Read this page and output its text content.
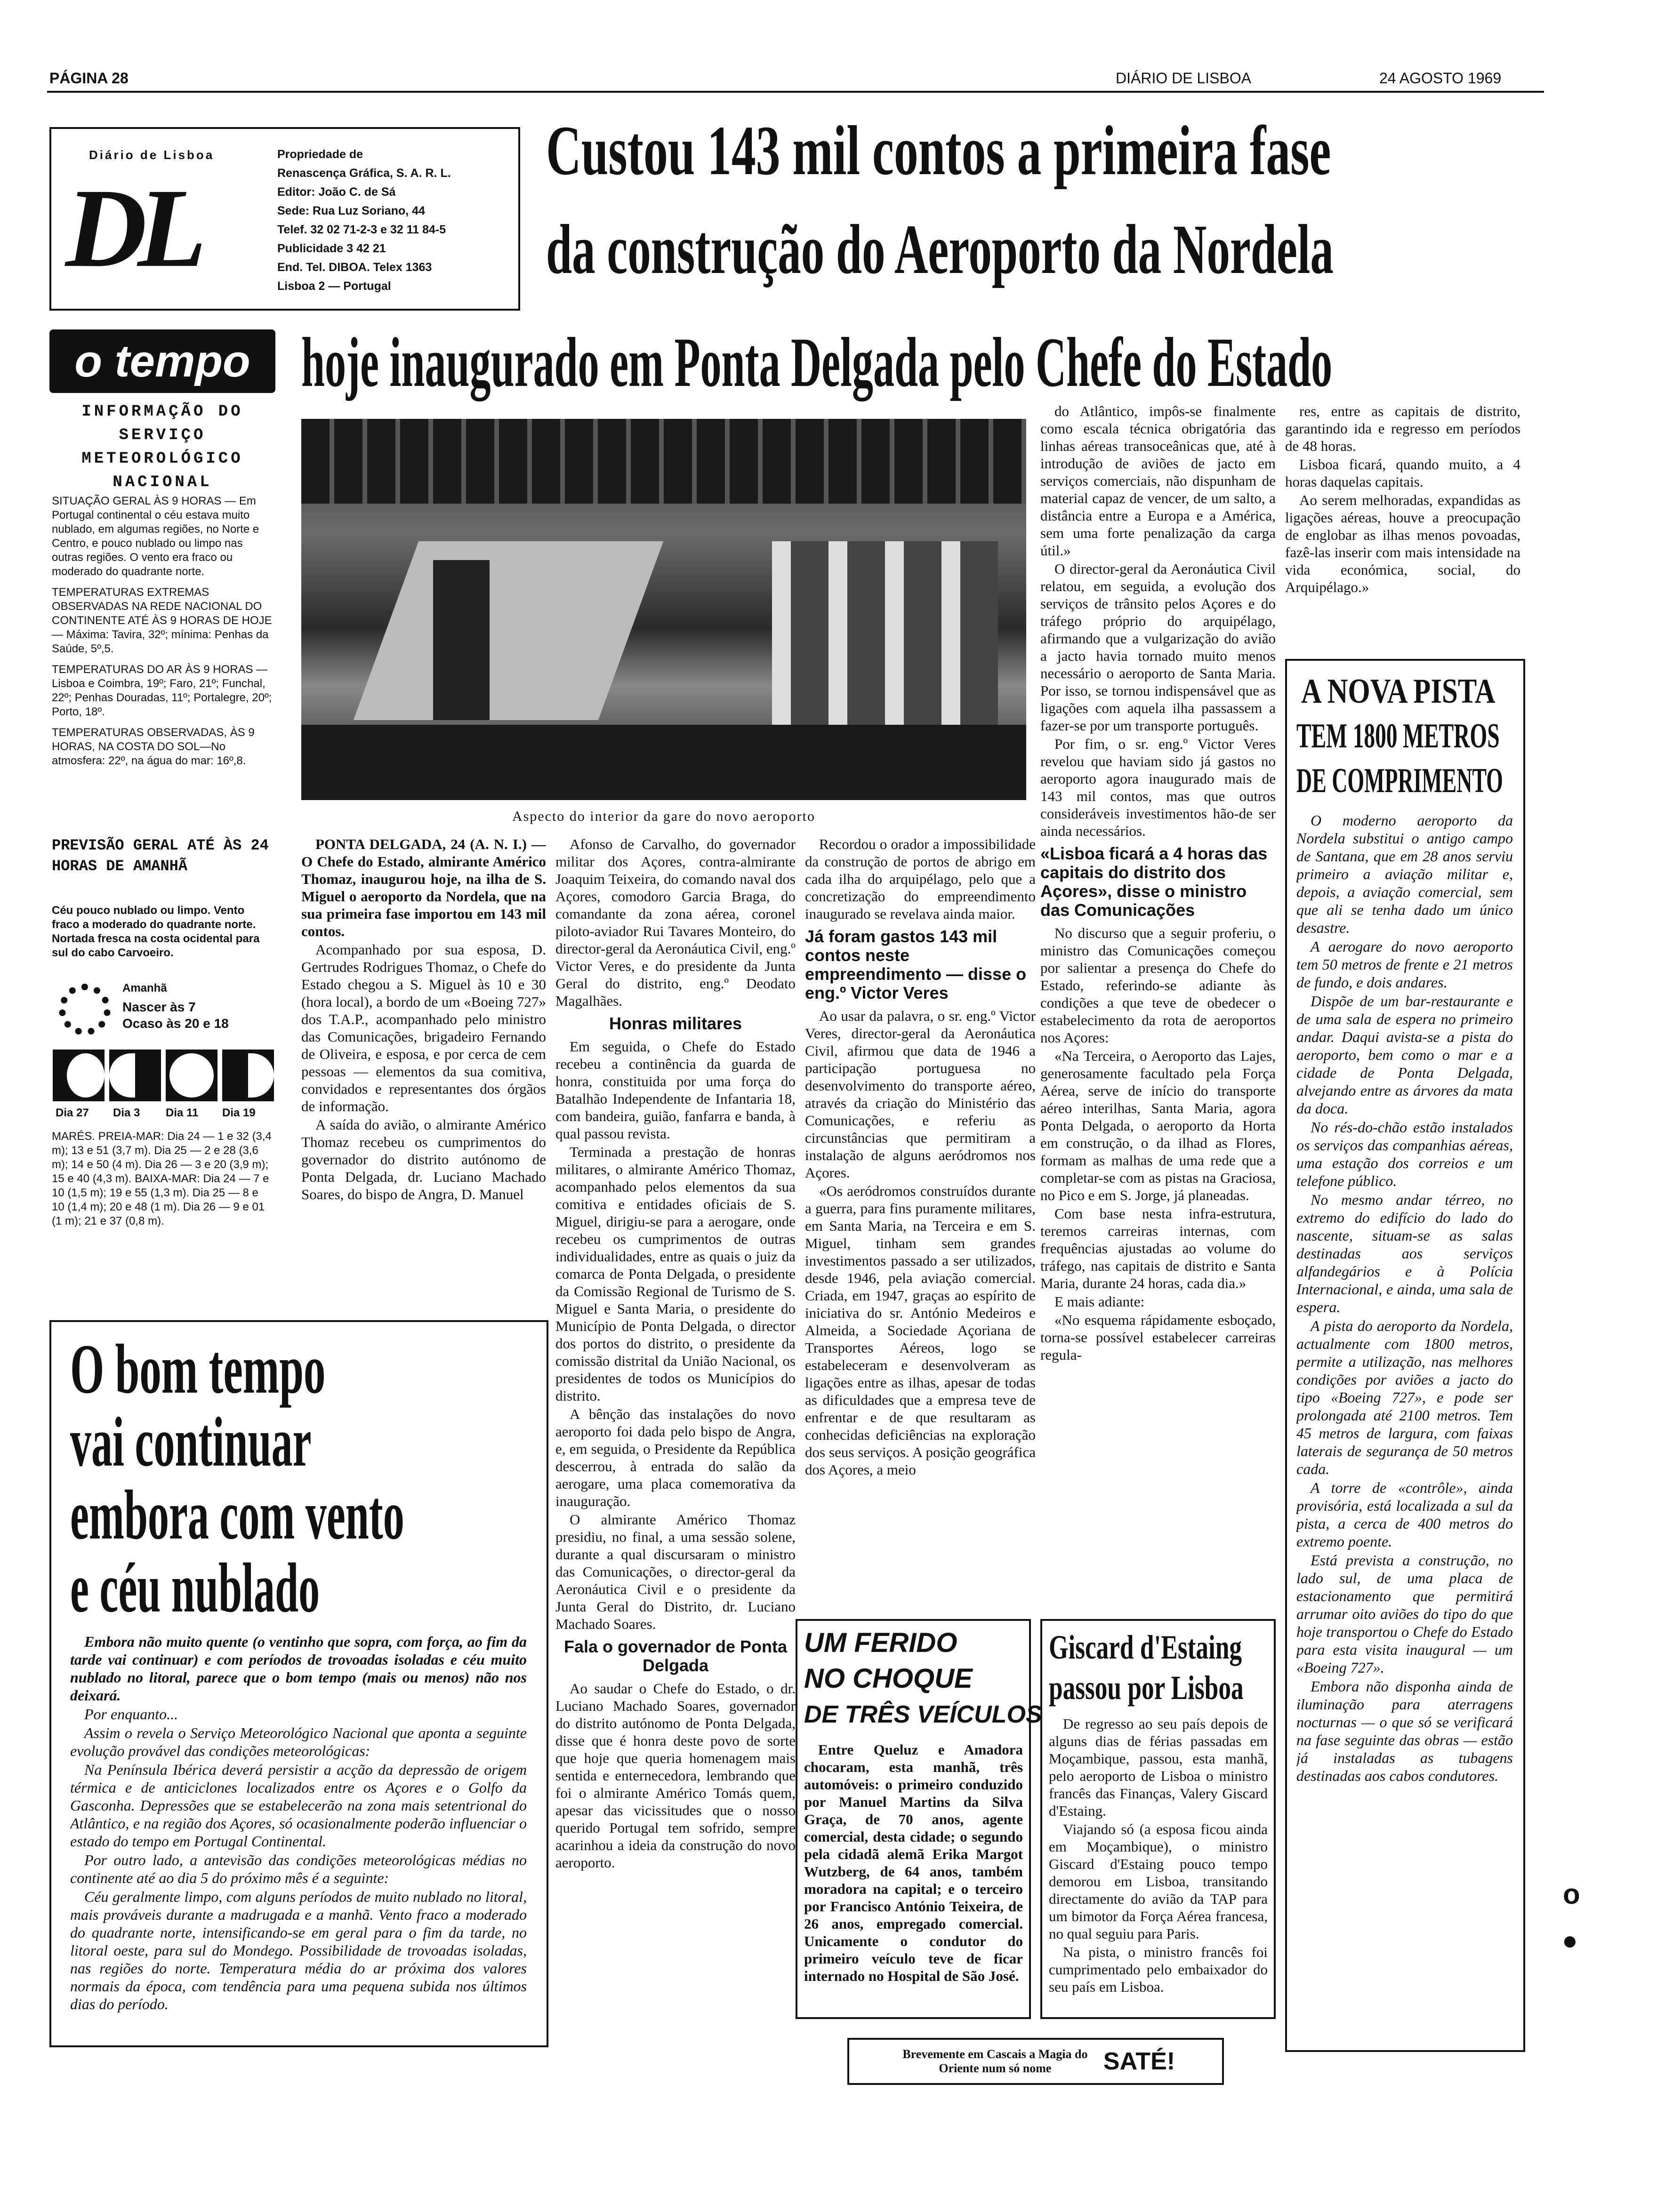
PÁGINA 28	DIÁRIO DE LISBOA	24 AGOSTO 1969
Diário de Lisboa
DL
Propriedade de
Renascença Gráfica, S. A. R. L.
Editor: João C. de Sá
Sede: Rua Luz Soriano, 44
Telef. 32 02 71-2-3 e 32 11 84-5
Publicidade 3 42 21
End. Tel. DIBOA. Telex 1363
Lisboa 2 — Portugal
Custou 143 mil contos a primeira fase
da construção do Aeroporto da Nordela
hoje inaugurado em Ponta Delgada pelo Chefe do Estado
o tempo
INFORMAÇÃO DO SERVIÇO METEOROLÓGICO NACIONAL

SITUAÇÃO GERAL ÀS 9 HORAS — Em Portugal continental o céu estava muito nublado, em algumas regiões, no Norte e Centro, e pouco nublado ou limpo nas outras regiões. O vento era fraco ou moderado do quadrante norte.

TEMPERATURAS EXTREMAS OBSERVADAS NA REDE NACIONAL DO CONTINENTE ATÉ ÀS 9 HORAS DE HOJE — Máxima: Tavira, 32º; mínima: Penhas da Saúde, 5º,5.

TEMPERATURAS DO AR ÀS 9 HORAS — Lisboa e Coimbra, 19º; Faro, 21º; Funchal, 22º; Penhas Douradas, 11º; Portalegre, 20º; Porto, 18º.

TEMPERATURAS OBSERVADAS, ÀS 9 HORAS, NA COSTA DO SOL—No atmosfera: 22º, na água do mar: 16º,8.

PREVISÃO GERAL ATÉ ÀS 24 HORAS DE AMANHÃ
Céu pouco nublado ou limpo. Vento fraco a moderado do quadrante norte. Nortada fresca na costa ocidental para sul do cabo Carvoeiro.
Amanhã
Nascer às 7
Ocaso às 20 e 18
Dia 27 Dia 3 Dia 11 Dia 19
MARÉS. PREIA-MAR: Dia 24 — 1 e 32 (3,4 m); 13 e 51 (3,7 m). Dia 25 — 2 e 28 (3,6 m); 14 e 50 (4 m). Dia 26 — 3 e 20 (3,9 m); 15 e 40 (4,3 m). BAIXA-MAR: Dia 24 — 7 e 10 (1,5 m); 19 e 55 (1,3 m). Dia 25 — 8 e 10 (1,4 m); 20 e 48 (1 m). Dia 26 — 9 e 01 (1 m); 21 e 37 (0,8 m).
Aspecto do interior da gare do novo aeroporto

PONTA DELGADA, 24 (A. N. I.) — O Chefe do Estado, almirante Américo Thomaz, inaugurou hoje, na ilha de S. Miguel o aeroporto da Nordela, que na sua primeira fase importou em 143 mil contos.

Acompanhado por sua esposa, D. Gertrudes Rodrigues Thomaz, o Chefe do Estado chegou a S. Miguel às 10 e 30 (hora local), a bordo de um «Boeing 727» dos T.A.P., acompanhado pelo ministro das Comunicações, brigadeiro Fernando de Oliveira, e esposa, e por cerca de cem pessoas — elementos da sua comitiva, convidados e representantes dos órgãos de informação.

A saída do avião, o almirante Américo Thomaz recebeu os cumprimentos do governador do distrito autónomo de Ponta Delgada, dr. Luciano Machado Soares, do bispo de Angra, D. Manuel

Afonso de Carvalho, do governador militar dos Açores, contra-almirante Joaquim Teixeira, do comando naval dos Açores, comodoro Garcia Braga, do comandante da zona aérea, coronel piloto-aviador Rui Tavares Monteiro, do director-geral da Aeronáutica Civil, eng.º Victor Veres, e do presidente da Junta Geral do distrito, eng.º Deodato Magalhães.

Honras militares

Em seguida, o Chefe do Estado recebeu a continência da guarda de honra, constituida por uma força do Batalhão Independente de Infantaria 18, com bandeira, guião, fanfarra e banda, à qual passou revista.

Terminada a prestação de honras militares, o almirante Américo Thomaz, acompanhado pelos elementos da sua comitiva e entidades oficiais de S. Miguel, dirigiu-se para a aerogare, onde recebeu os cumprimentos de outras individualidades, entre as quais o juiz da comarca de Ponta Delgada, o presidente da Comissão Regional de Turismo de S. Miguel e Santa Maria, o presidente do Município de Ponta Delgada, o director dos portos do distrito, o presidente da comissão distrital da União Nacional, os presidentes de todos os Municípios do distrito.

A bênção das instalações do novo aeroporto foi dada pelo bispo de Angra, e, em seguida, o Presidente da República descerrou, à entrada do salão da aerogare, uma placa comemorativa da inauguração.

O almirante Américo Thomaz presidiu, no final, a uma sessão solene, durante a qual discursaram o ministro das Comunicações, o director-geral da Aeronáutica Civil e o presidente da Junta Geral do Distrito, dr. Luciano Machado Soares.

Fala o governador de Ponta Delgada

Ao saudar o Chefe do Estado, o dr. Luciano Machado Soares, governador do distrito autónomo de Ponta Delgada, disse que é honra deste povo de sorte que hoje que queria homenagem mais sentida e enternecedora, lembrando que foi o almirante Américo Tomás quem, apesar das vicissitudes que o nosso querido Portugal tem sofrido, sempre acarinhou a ideia da construção do novo aeroporto.

Recordou o orador a impossibilidade da construção de portos de abrigo em cada ilha do arquipélago, pelo que a concretização do empreendimento inaugurado se revelava ainda maior.

Já foram gastos 143 mil contos neste empreendimento — disse o eng.º Victor Veres

Ao usar da palavra, o sr. eng.º Victor Veres, director-geral da Aeronáutica Civil, afirmou que data de 1946 a participação portuguesa no desenvolvimento do transporte aéreo, através da criação do Ministério das Comunicações, e referiu as circunstâncias que permitiram a instalação de alguns aeródromos nos Açores.

«Os aeródromos construídos durante a guerra, para fins puramente militares, em Santa Maria, na Terceira e em S. Miguel, tinham sem grandes investimentos passado a ser utilizados, desde 1946, pela aviação comercial. Criada, em 1947, graças ao espírito de iniciativa do sr. António Medeiros e Almeida, a Sociedade Açoriana de Transportes Aéreos, logo se estabeleceram e desenvolveram as ligações entre as ilhas, apesar de todas as dificuldades que a empresa teve de enfrentar e de que resultaram as conhecidas deficiências na exploração dos seus serviços. A posição geográfica dos Açores, a meio

do Atlântico, impôs-se finalmente como escala técnica obrigatória das linhas aéreas transoceânicas que, até à introdução de aviões de jacto em serviços comerciais, não dispunham de material capaz de vencer, de um salto, a distância entre a Europa e a América, sem uma forte penalização da carga útil.»

O director-geral da Aeronáutica Civil relatou, em seguida, a evolução dos serviços de trânsito pelos Açores e do tráfego próprio do arquipélago, afirmando que a vulgarização do avião a jacto havia tornado muito menos necessário o aeroporto de Santa Maria. Por isso, se tornou indispensável que as ligações com aquela ilha passassem a fazer-se por um transporte português.

Por fim, o sr. eng.º Victor Veres revelou que haviam sido já gastos no aeroporto agora inaugurado mais de 143 mil contos, mas que outros consideráveis investimentos hão-de ser ainda necessários.

«Lisboa ficará a 4 horas das capitais do distrito dos Açores», disse o ministro das Comunicações

No discurso que a seguir proferiu, o ministro das Comunicações começou por salientar a presença do Chefe do Estado, referindo-se adiante às condições a que teve de obedecer o estabelecimento da rota de aeroportos nos Açores:

«Na Terceira, o Aeroporto das Lajes, generosamente facultado pela Força Aérea, serve de início do transporte aéreo interilhas, Santa Maria, agora Ponta Delgada, o aeroporto da Horta em construção, o da ilhad as Flores, formam as malhas de uma rede que a completar-se com as pistas na Graciosa, no Pico e em S. Jorge, já planeadas.

Com base nesta infra-estrutura, teremos carreiras internas, com frequências ajustadas ao volume do tráfego, nas capitais de distrito e Santa Maria, durante 24 horas, cada dia.»

E mais adiante:

«No esquema rápidamente esboçado, torna-se possível estabelecer carreiras regula-

res, entre as capitais de distrito, garantindo ida e regresso em períodos de 48 horas.

Lisboa ficará, quando muito, a 4 horas daquelas capitais.

Ao serem melhoradas, expandidas as ligações aéreas, houve a preocupação de englobar as ilhas menos povoadas, fazê-las inserir com mais intensidade na vida económica, social, do Arquipélago.»

A NOVA PISTA
TEM 1800 METROS
DE COMPRIMENTO

O moderno aeroporto da Nordela substitui o antigo campo de Santana, que em 28 anos serviu primeiro a aviação militar e, depois, a aviação comercial, sem que ali se tenha dado um único desastre.

A aerogare do novo aeroporto tem 50 metros de frente e 21 metros de fundo, e dois andares.

Dispõe de um bar-restaurante e de uma sala de espera no primeiro andar. Daqui avista-se a pista do aeroporto, bem como o mar e a cidade de Ponta Delgada, alvejando entre as árvores da mata da doca.

No rés-do-chão estão instalados os serviços das companhias aéreas, uma estação dos correios e um telefone público.

No mesmo andar térreo, no extremo do edifício do lado do nascente, situam-se as salas destinadas aos serviços alfandegários e à Polícia Internacional, e ainda, uma sala de espera.

A pista do aeroporto da Nordela, actualmente com 1800 metros, permite a utilização, nas melhores condições por aviões a jacto do tipo «Boeing 727», e pode ser prolongada até 2100 metros. Tem 45 metros de largura, com faixas laterais de segurança de 50 metros cada.

A torre de «contrôle», ainda provisória, está localizada a sul da pista, a cerca de 400 metros do extremo poente.

Está prevista a construção, no lado sul, de uma placa de estacionamento que permitirá arrumar oito aviões do tipo do que hoje transportou o Chefe do Estado para esta visita inaugural — um «Boeing 727».

Embora não disponha ainda de iluminação para aterragens nocturnas — o que só se verificará na fase seguinte das obras — estão já instaladas as tubagens destinadas aos cabos condutores.

O bom tempo
vai continuar
embora com vento
e céu nublado

Embora não muito quente (o ventinho que sopra, com força, ao fim da tarde vai continuar) e com períodos de trovoadas isoladas e céu muito nublado no litoral, parece que o bom tempo (mais ou menos) não nos deixará.

Por enquanto...

Assim o revela o Serviço Meteorológico Nacional que aponta a seguinte evolução provável das condições meteorológicas:

Na Península Ibérica deverá persistir a acção da depressão de origem térmica e de anticiclones localizados entre os Açores e o Golfo da Gasconha. Depressões que se estabelecerão na zona mais setentrional do Atlântico, e na região dos Açores, só ocasionalmente poderão influenciar o estado do tempo em Portugal Continental.

Por outro lado, a antevisão das condições meteorológicas médias no continente até ao dia 5 do próximo mês é a seguinte:

Céu geralmente limpo, com alguns períodos de muito nublado no litoral, mais prováveis durante a madrugada e a manhã. Vento fraco a moderado do quadrante norte, intensificando-se em geral para o fim da tarde, no litoral oeste, para sul do Mondego. Possibilidade de trovoadas isoladas, nas regiões do norte. Temperatura média do ar próxima dos valores normais da época, com tendência para uma pequena subida nos últimos dias do período.

UM FERIDO
NO CHOQUE
DE TRÊS VEÍCULOS

Entre Queluz e Amadora chocaram, esta manhã, três automóveis: o primeiro conduzido por Manuel Martins da Silva Graça, de 70 anos, agente comercial, desta cidade; o segundo pela cidadã alemã Erika Margot Wutzberg, de 64 anos, também moradora na capital; e o terceiro por Francisco António Teixeira, de 26 anos, empregado comercial. Unicamente o condutor do primeiro veículo teve de ficar internado no Hospital de São José.

Giscard d'Estaing
passou por Lisboa

De regresso ao seu país depois de alguns dias de férias passadas em Moçambique, passou, esta manhã, pelo aeroporto de Lisboa o ministro francês das Finanças, Valery Giscard d'Estaing.

Viajando só (a esposa ficou ainda em Moçambique), o ministro Giscard d'Estaing pouco tempo demorou em Lisboa, transitando directamente do avião da TAP para um bimotor da Força Aérea francesa, no qual seguiu para Paris.

Na pista, o ministro francês foi cumprimentado pelo embaixador do seu país em Lisboa.

Brevemente em Cascais a Magia do Oriente num só nome	SATÉ!
o
●
